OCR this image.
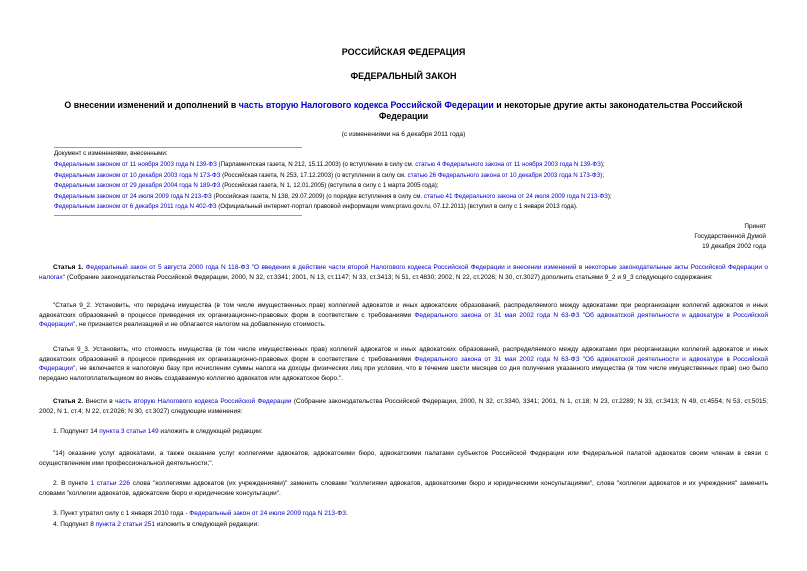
РОССИЙСКАЯ ФЕДЕРАЦИЯ
ФЕДЕРАЛЬНЫЙ ЗАКОН
О внесении изменений и дополнений в часть вторую Налогового кодекса Российской Федерации и некоторые другие акты законодательства Российской Федерации
(с изменениями на 6 декабря 2011 года)
Документ с изменениями, внесенными:
Федеральным законом от 11 ноября 2003 года N 139-ФЗ (Парламентская газета, N 212, 15.11.2003) (о вступлении в силу см. статью 4 Федерального закона от 11 ноября 2003 года N 139-ФЗ);
Федеральным законом от 10 декабря 2003 года N 173-ФЗ (Российская газета, N 253, 17.12.2003) (о вступлении в силу см. статью 26 Федерального закона от 10 декабря 2003 года N 173-ФЗ);
Федеральным законом от 29 декабря 2004 года N 189-ФЗ (Российская газета, N 1, 12.01.2005) (вступила в силу с 1 марта 2005 года);
Федеральным законом от 24 июля 2009 года N 213-ФЗ (Российская газета, N 138, 29.07.2009) (о порядке вступления в силу см. статью 41 Федерального закона от 24 июля 2009 года N 213-ФЗ);
Федеральным законом от 6 декабря 2011 года N 402-ФЗ (Официальный интернет-портал правовой информации www.pravo.gov.ru, 07.12.2011) (вступил в силу с 1 января 2013 года).
Принят
Государственной Думой
19 декабря 2002 года

Статья 1. Федеральный закон от 5 августа 2000 года N 118-ФЗ "О введении в действие части второй Налогового кодекса Российской Федерации и внесении изменений в некоторые законодательные акты Российской Федерации о налогах" (Собрание законодательства Российской Федерации, 2000, N 32, ст.3341; 2001, N 13, ст.1147; N 33, ст.3413; N 51, ст.4830; 2002, N 22, ст.2026; N 30, ст.3027) дополнить статьями 9_2 и 9_3 следующего содержания:

"Статья 9_2. Установить, что передача имущества (в том числе имущественных прав) коллегией адвокатов и иных адвокатских образований, распределяемого между адвокатами при реорганизации коллегий адвокатов и иных адвокатских образований в процессе приведения их организационно-правовых форм в соответствие с требованиями Федерального закона от 31 мая 2002 года N 63-ФЗ "Об адвокатской деятельности и адвокатуре в Российской Федерации", не признается реализацией и не облагается налогом на добавленную стоимость.

Статья 9_3. Установить, что стоимость имущества (в том числе имущественных прав) коллегий адвокатов и иных адвокатских образований, распределяемого между адвокатами при реорганизации коллегий адвокатов и иных адвокатских образований в процессе приведения их организационно-правовых форм в соответствие с требованиями Федерального закона от 31 мая 2002 года N 63-ФЗ "Об адвокатской деятельности и адвокатуре в Российской Федерации", не включается в налоговую базу при исчислении суммы налога на доходы физических лиц при условии, что в течение шести месяцев со дня получения указанного имущества (в том числе имущественных прав) оно было передано налогоплательщиком во вновь создаваемую коллегию адвокатов или адвокатское бюро.".

Статья 2. Внести в часть вторую Налогового кодекса Российской Федерации (Собрание законодательства Российской Федерации, 2000, N 32, ст.3340, 3341; 2001, N 1, ст.18; N 23, ст.2289; N 33, ст.3413; N 49, ст.4554; N 53, ст.5015; 2002, N 1, ст.4; N 22, ст.2026; N 30, ст.3027) следующие изменения:

1. Подпункт 14 пункта 3 статьи 149 изложить в следующей редакции:

"14) оказание услуг адвокатами, а также оказание услуг коллегиями адвокатов, адвокатскими бюро, адвокатскими палатами субъектов Российской Федерации или Федеральной палатой адвокатов своим членам в связи с осуществлением ими профессиональной деятельности;".

2. В пункте 1 статьи 226 слова "коллегиями адвокатов (их учреждениями)" заменить словами "коллегиями адвокатов, адвокатскими бюро и юридическими консультациями", слова "коллегии адвокатов и их учреждения" заменить словами "коллегии адвокатов, адвокатские бюро и юридические консультации".

3. Пункт утратил силу с 1 января 2010 года - Федеральный закон от 24 июля 2009 года N 213-ФЗ.

4. Подпункт 8 пункта 2 статьи 251 изложить в следующей редакции:
